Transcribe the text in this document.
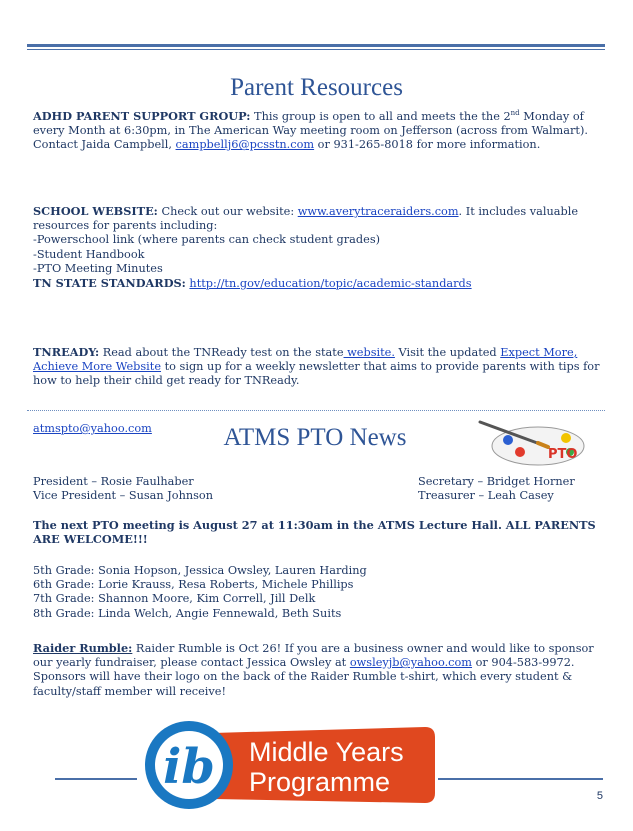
Parent Resources
ADHD PARENT SUPPORT GROUP: This group is open to all and meets the the 2nd Monday of every Month at 6:30pm, in The American Way meeting room on Jefferson (across from Walmart). Contact Jaida Campbell, campbellj6@pcsstn.com or 931-265-8018 for more information.
SCHOOL WEBSITE: Check out our website: www.averytraceraiders.com. It includes valuable resources for parents including:
-Powerschool link (where parents can check student grades)
-Student Handbook
-PTO Meeting Minutes
TN STATE STANDARDS: http://tn.gov/education/topic/academic-standards
TNREADY: Read about the TNReady test on the state website. Visit the updated Expect More, Achieve More Website to sign up for a weekly newsletter that aims to provide parents with tips for how to help their child get ready for TNReady.
atmspto@yahoo.com	ATMS PTO News
PTO
President – Rosie Faulhaber
Vice President – Susan Johnson
Secretary – Bridget Horner
Treasurer – Leah Casey
The next PTO meeting is August 27 at 11:30am in the ATMS Lecture Hall. ALL PARENTS ARE WELCOME!!!
5th Grade: Sonia Hopson, Jessica Owsley, Lauren Harding
6th Grade: Lorie Krauss, Resa Roberts, Michele Phillips
7th Grade: Shannon Moore, Kim Correll, Jill Delk
8th Grade: Linda Welch, Angie Fennewald, Beth Suits
Raider Rumble: Raider Rumble is Oct 26! If you are a business owner and would like to sponsor our yearly fundraiser, please contact Jessica Owsley at owsleyjb@yahoo.com or 904-583-9972. Sponsors will have their logo on the back of the Raider Rumble t-shirt, which every student & faculty/staff member will receive!
ib Middle Years
Programme	5
